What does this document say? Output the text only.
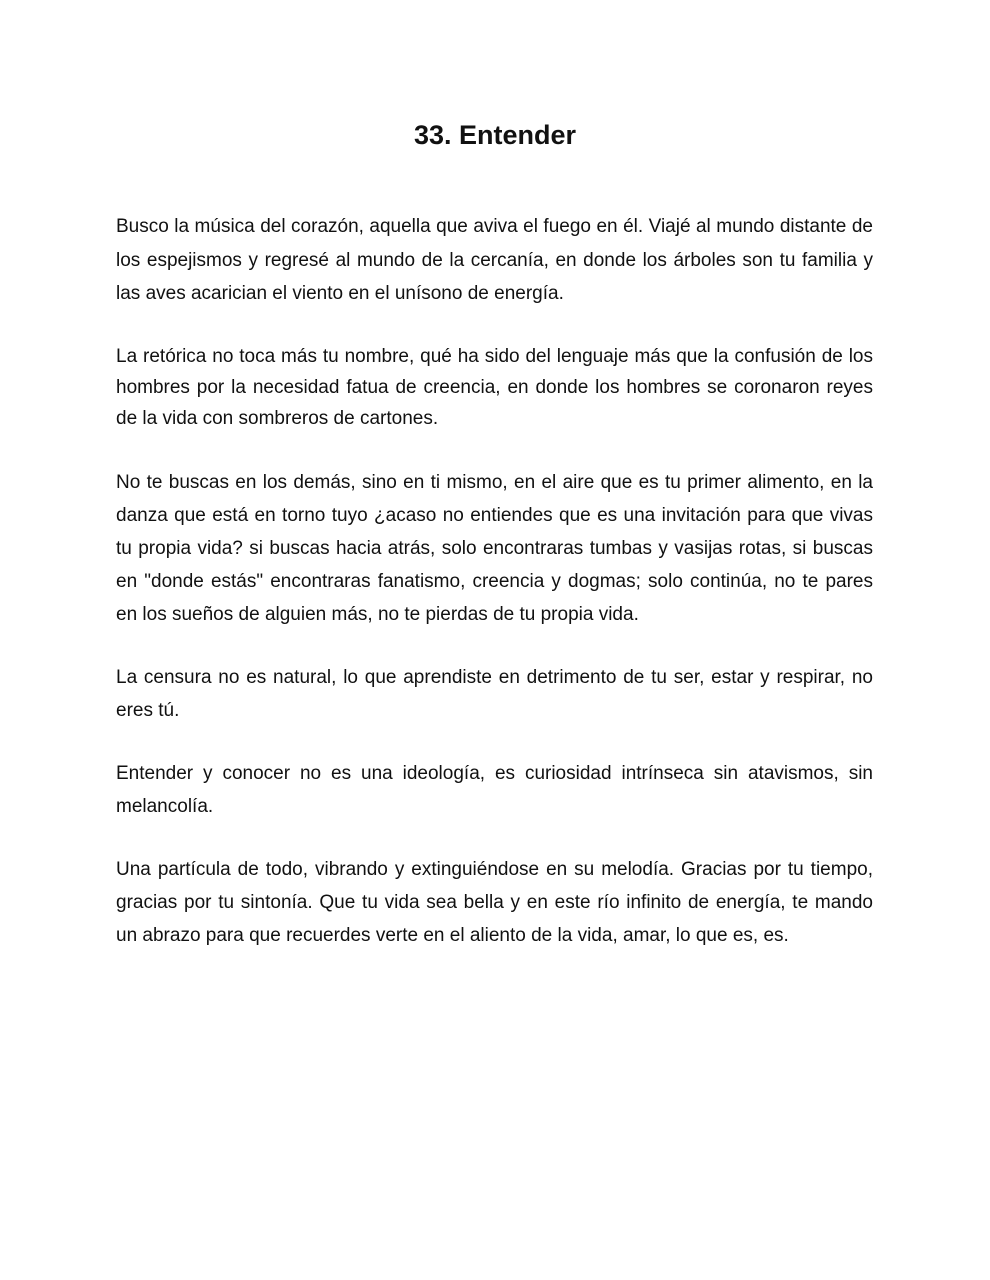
33. Entender

Busco la música del corazón, aquella que aviva el fuego en él. Viajé al mundo distante de los espejismos y regresé al mundo de la cercanía, en donde los árboles son tu familia y las aves acarician el viento en el unísono de energía.

La retórica no toca más tu nombre, qué ha sido del lenguaje más que la confusión de los hombres por la necesidad fatua de creencia, en donde los hombres se coronaron reyes de la vida con sombreros de cartones.

No te buscas en los demás, sino en ti mismo, en el aire que es tu primer alimento, en la danza que está en torno tuyo ¿acaso no entiendes que es una invitación para que vivas tu propia vida? si buscas hacia atrás, solo encontraras tumbas y vasijas rotas, si buscas en "donde estás" encontraras fanatismo, creencia y dogmas; solo continúa, no te pares en los sueños de alguien más, no te pierdas de tu propia vida.

La censura no es natural, lo que aprendiste en detrimento de tu ser, estar y respirar, no eres tú.

Entender y conocer no es una ideología, es curiosidad intrínseca sin atavismos, sin melancolía.

Una partícula de todo, vibrando y extinguiéndose en su melodía. Gracias por tu tiempo, gracias por tu sintonía. Que tu vida sea bella y en este río infinito de energía, te mando un abrazo para que recuerdes verte en el aliento de la vida, amar, lo que es, es.
